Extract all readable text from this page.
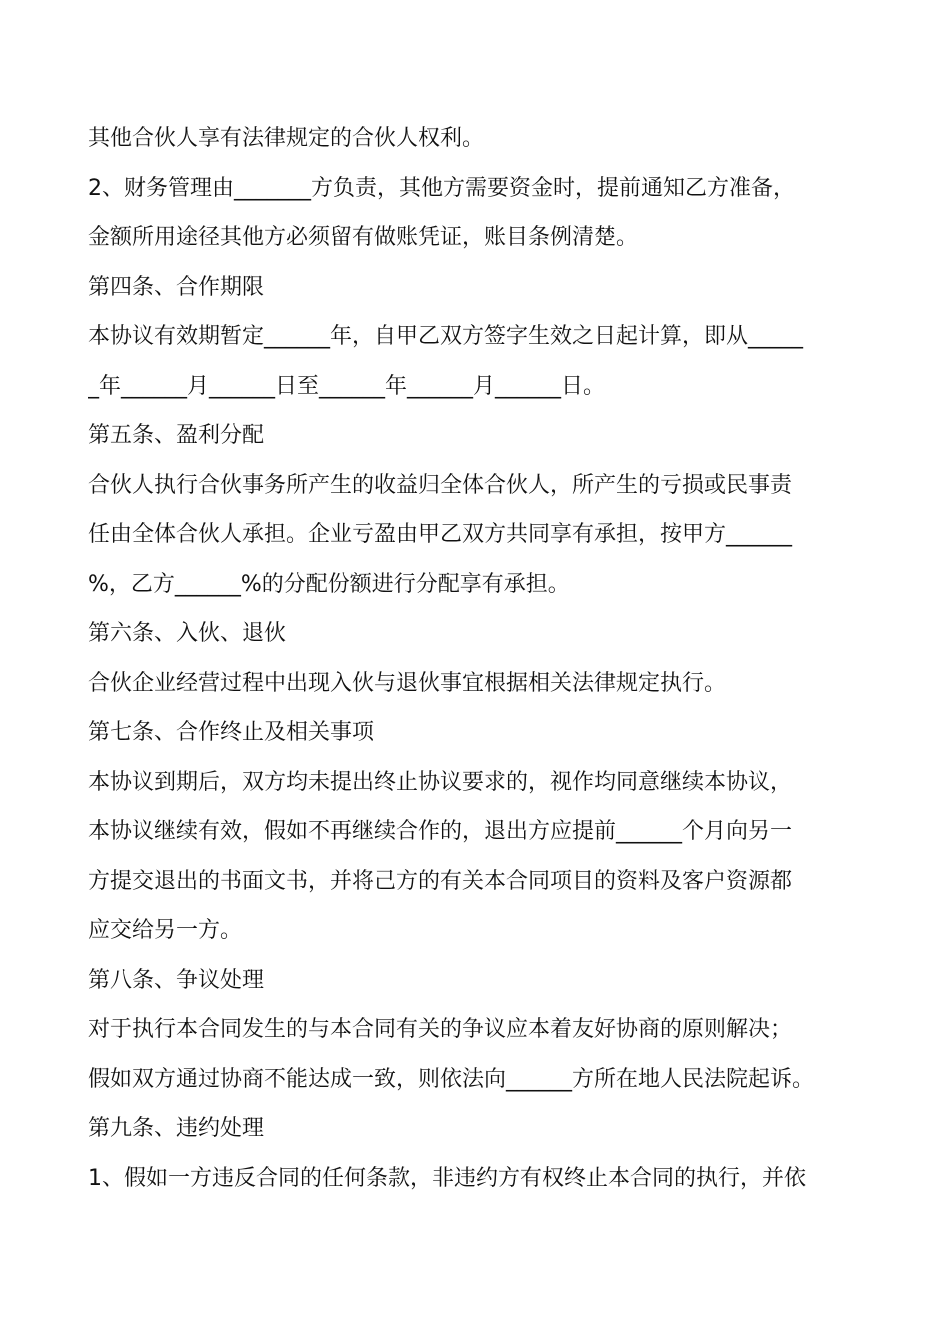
其他合伙人享有法律规定的合伙人权利。
2、财务管理由_______方负责，其他方需要资金时，提前通知乙方准备，
金额所用途径其他方必须留有做账凭证，账目条例清楚。
第四条、合作期限
本协议有效期暂定______年，自甲乙双方签字生效之日起计算，即从_____
_年______月______日至______年______月______日。
第五条、盈利分配
合伙人执行合伙事务所产生的收益归全体合伙人，所产生的亏损或民事责
任由全体合伙人承担。企业亏盈由甲乙双方共同享有承担，按甲方______
%，乙方______%的分配份额进行分配享有承担。
第六条、入伙、退伙
合伙企业经营过程中出现入伙与退伙事宜根据相关法律规定执行。
第七条、合作终止及相关事项
本协议到期后，双方均未提出终止协议要求的，视作均同意继续本协议，
本协议继续有效，假如不再继续合作的，退出方应提前______个月向另一
方提交退出的书面文书，并将己方的有关本合同项目的资料及客户资源都
应交给另一方。
第八条、争议处理
对于执行本合同发生的与本合同有关的争议应本着友好协商的原则解决；
假如双方通过协商不能达成一致，则依法向______方所在地人民法院起诉。
第九条、违约处理
1、假如一方违反合同的任何条款，非违约方有权终止本合同的执行，并依
